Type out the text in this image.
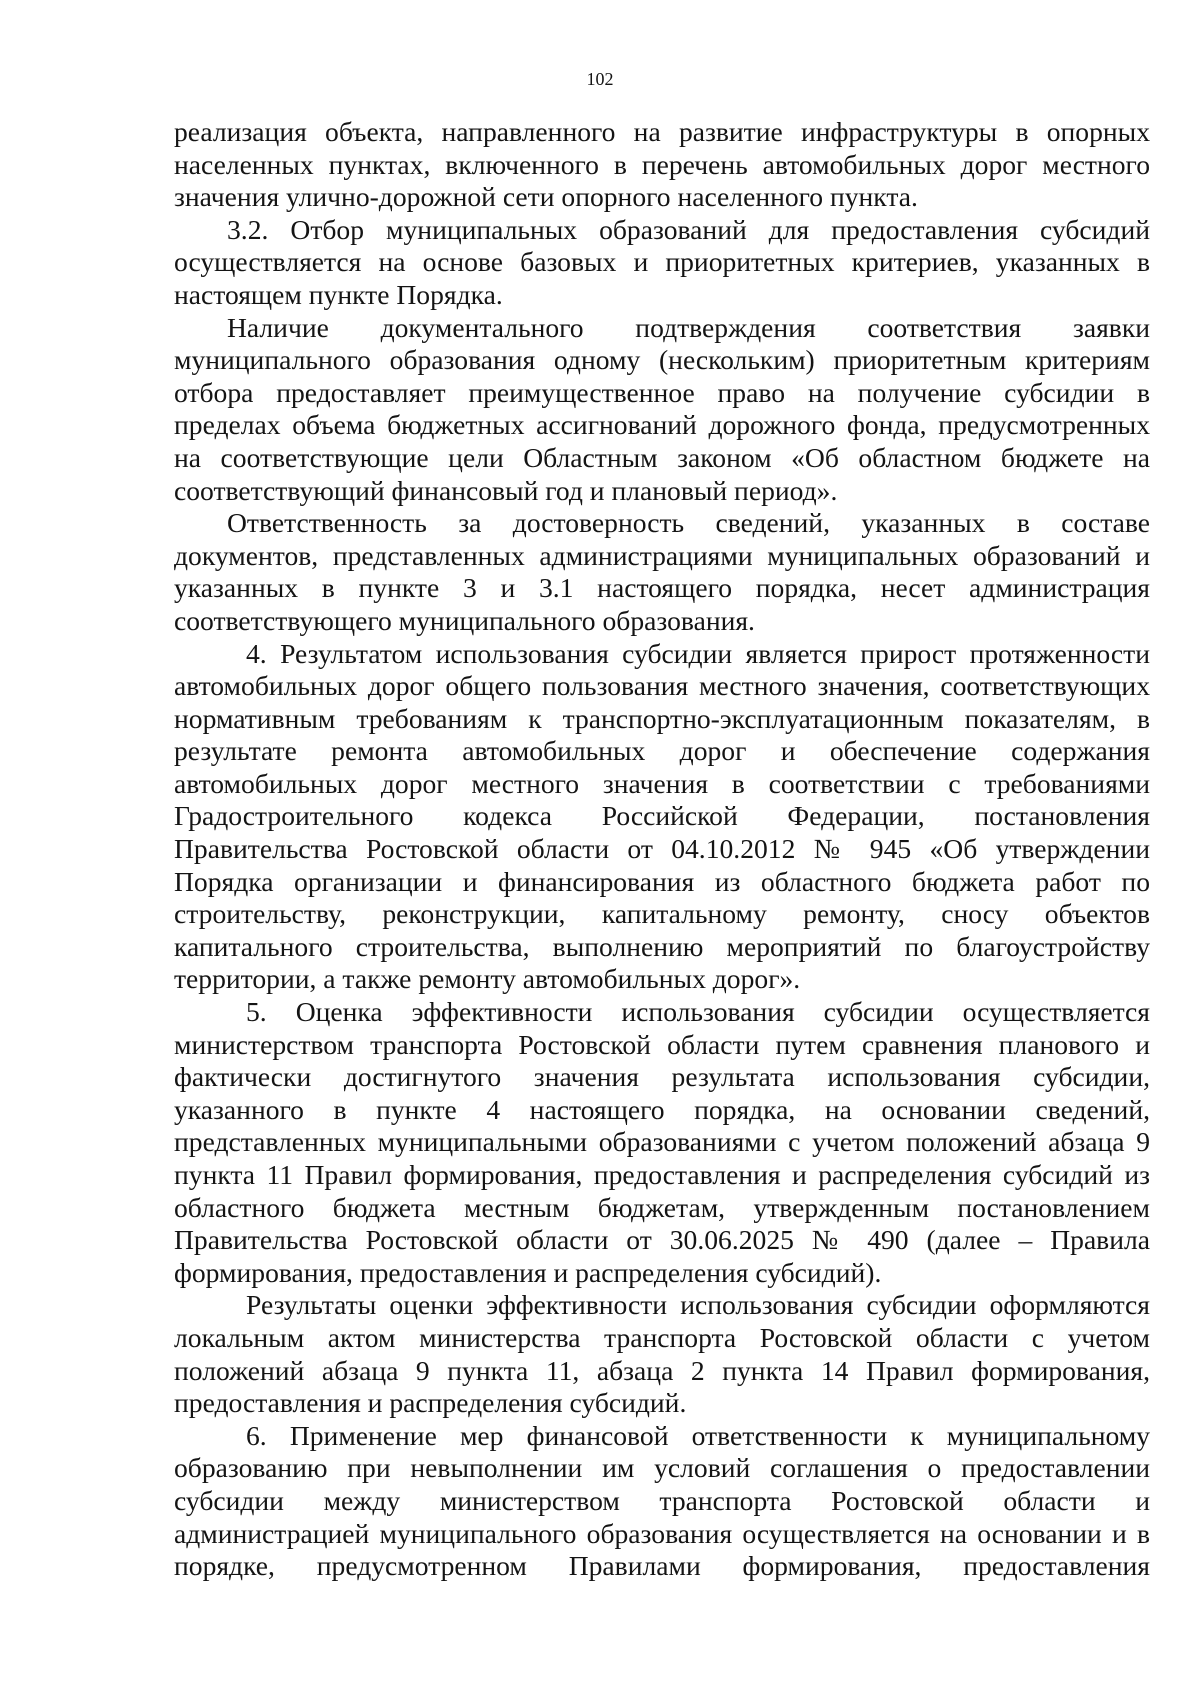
102

реализация объекта, направленного на развитие инфраструктуры в опорных населенных пунктах, включенного в перечень автомобильных дорог местного значения улично-дорожной сети опорного населенного пункта.

3.2. Отбор муниципальных образований для предоставления субсидий осуществляется на основе базовых и приоритетных критериев, указанных в настоящем пункте Порядка.

Наличие документального подтверждения соответствия заявки муниципального образования одному (нескольким) приоритетным критериям отбора предоставляет преимущественное право на получение субсидии в пределах объема бюджетных ассигнований дорожного фонда, предусмотренных на соответствующие цели Областным законом «Об областном бюджете на соответствующий финансовый год и плановый период».

Ответственность за достоверность сведений, указанных в составе документов, представленных администрациями муниципальных образований и указанных в пункте 3 и 3.1 настоящего порядка, несет администрация соответствующего муниципального образования.

4. Результатом использования субсидии является прирост протяженности автомобильных дорог общего пользования местного значения, соответствующих нормативным требованиям к транспортно-эксплуатационным показателям, в результате ремонта автомобильных дорог и обеспечение содержания автомобильных дорог местного значения в соответствии с требованиями Градостроительного кодекса Российской Федерации, постановления Правительства Ростовской области от 04.10.2012 № 945 «Об утверждении Порядка организации и финансирования из областного бюджета работ по строительству, реконструкции, капитальному ремонту, сносу объектов капитального строительства, выполнению мероприятий по благоустройству территории, а также ремонту автомобильных дорог».

5. Оценка эффективности использования субсидии осуществляется министерством транспорта Ростовской области путем сравнения планового и фактически достигнутого значения результата использования субсидии, указанного в пункте 4 настоящего порядка, на основании сведений, представленных муниципальными образованиями с учетом положений абзаца 9 пункта 11 Правил формирования, предоставления и распределения субсидий из областного бюджета местным бюджетам, утвержденным постановлением Правительства Ростовской области от 30.06.2025 № 490 (далее – Правила формирования, предоставления и распределения субсидий).

Результаты оценки эффективности использования субсидии оформляются локальным актом министерства транспорта Ростовской области с учетом положений абзаца 9 пункта 11, абзаца 2 пункта 14 Правил формирования, предоставления и распределения субсидий.

6. Применение мер финансовой ответственности к муниципальному образованию при невыполнении им условий соглашения о предоставлении субсидии между министерством транспорта Ростовской области и администрацией муниципального образования осуществляется на основании и в порядке, предусмотренном Правилами формирования, предоставления
